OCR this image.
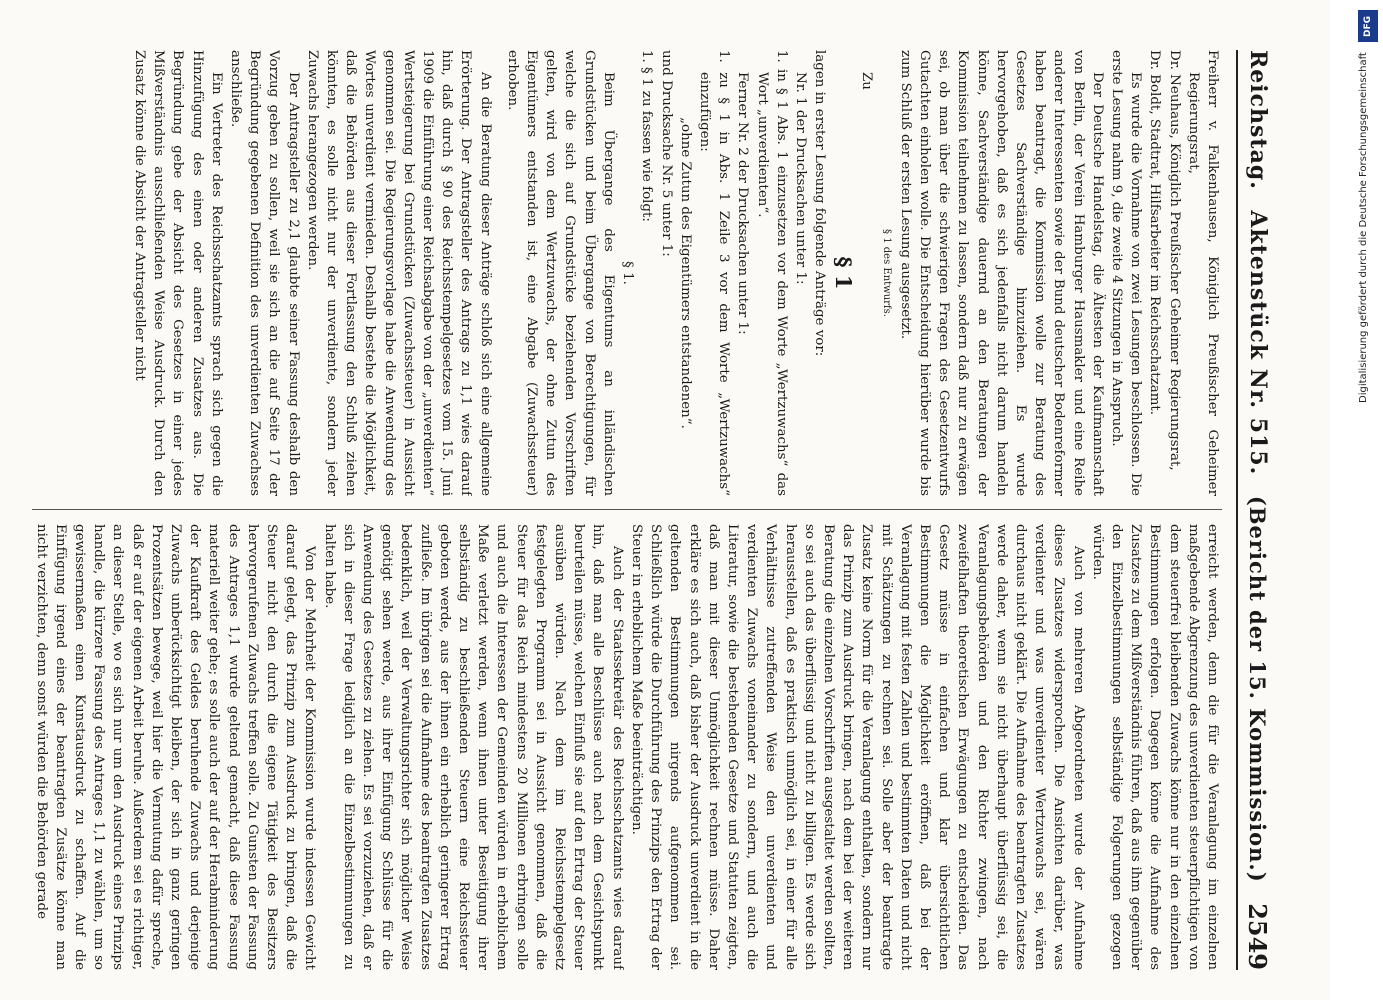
Reichstag.
Aktenstück Nr. 515.
(Bericht der 15. Kommission.)
2549

Freiherr v. Falkenhausen, Königlich Preußischer Geheimer Regierungsrat,

Dr. Neuhaus, Königlich Preußischer Geheimer Regierungsrat,

Dr. Boldt, Stadtrat, Hilfsarbeiter im Reichsschatzamt.

Es wurde die Vornahme von zwei Lesungen beschlossen. Die erste Lesung nahm 9, die zweite 4 Sitzungen in Anspruch.

Der Deutsche Handelstag, die Ältesten der Kaufmannschaft von Berlin, der Verein Hamburger Hausmakler und eine Reihe anderer Interessenten sowie der Bund deutscher Bodenreformer haben beantragt, die Kommission wolle zur Beratung des Gesetzes Sachverständige hinzuziehen. Es wurde hervorgehoben, daß es sich jedenfalls nicht darum handeln könne, Sachverständige dauernd an den Beratungen der Kommission teilnehmen zu lassen, sondern daß nur zu erwägen sei, ob man über die schwierigen Fragen des Gesetzentwurfs Gutachten einholen wolle. Die Entscheidung hierüber wurde bis zum Schluß der ersten Lesung ausgesetzt.

§ 1 des Entwurfs.

Zu

§ 1

lagen in erster Lesung folgende Anträge vor:

Nr. 1 der Drucksachen unter 1:

1. in § 1 Abs. 1 einzusetzen vor dem Worte „Wertzuwachs“ das Wort „unverdienten“.

Ferner Nr. 2 der Drucksachen unter 1:

1. zu § 1 in Abs. 1 Zeile 3 vor dem Worte „Wertzuwachs“ einzufügen:

„ohne Zutun des Eigentümers entstandenen“.

und Drucksache Nr. 5 unter 1:

1. § 1 zu fassen wie folgt:

§ 1.

Beim Übergange des Eigentums an inländischen Grundstücken und beim Übergange von Berechtigungen, für welche die sich auf Grundstücke beziehenden Vorschriften gelten, wird von dem Wertzuwachs, der ohne Zutun des Eigentümers entstanden ist, eine Abgabe (Zuwachssteuer) erhoben.

An die Beratung dieser Anträge schloß sich eine allgemeine Erörterung. Der Antragsteller des Antrags zu 1,1 wies darauf hin, daß durch § 90 des Reichsstempelgesetzes vom 15. Juni 1909 die Einführung einer Reichsabgabe von der „unverdienten“ Wertsteigerung bei Grundstücken (Zuwachssteuer) in Aussicht genommen sei. Die Regierungsvorlage habe die Anwendung des Wortes unverdient vermieden. Deshalb bestehe die Möglichkeit, daß die Behörden aus dieser Fortlassung den Schluß ziehen könnten, es solle nicht nur der unverdiente, sondern jeder Zuwachs herangezogen werden.

Der Antragsteller zu 2,1 glaubte seiner Fassung deshalb den Vorzug geben zu sollen, weil sie sich an die auf Seite 17 der Begründung gegebenen Definition des unverdienten Zuwachses anschließe.

Ein Vertreter des Reichsschatzamts sprach sich gegen die Hinzufügung des einen oder anderen Zusatzes aus. Die Begründung gebe der Absicht des Gesetzes in einer jedes Mißverständnis ausschließenden Weise Ausdruck. Durch den Zusatz könne die Absicht der Antragsteller nicht

erreicht werden, denn die für die Veranlagung im einzelnen maßgebende Abgrenzung des unverdienten steuerpflichtigen von dem steuerfrei bleibenden Zuwachs könne nur in den einzelnen Bestimmungen erfolgen. Dagegen könne die Aufnahme des Zusatzes zu dem Mißverständnis führen, daß aus ihm gegenüber den Einzelbestimmungen selbständige Folgerungen gezogen würden.

Auch von mehreren Abgeordneten wurde der Aufnahme dieses Zusatzes widersprochen. Die Ansichten darüber, was verdienter und was unverdienter Wertzuwachs sei, wären durchaus nicht geklärt. Die Aufnahme des beantragten Zusatzes werde daher, wenn sie nicht überhaupt überflüssig sei, die Veranlagungsbehörden und den Richter zwingen, nach zweifelhaften theoretischen Erwägungen zu entscheiden. Das Gesetz müsse in einfachen und klar übersichtlichen Bestimmungen die Möglichkeit eröffnen, daß bei der Veranlagung mit festen Zahlen und bestimmten Daten und nicht mit Schätzungen zu rechnen sei. Solle aber der beantragte Zusatz keine Norm für die Veranlagung enthalten, sondern nur das Prinzip zum Ausdruck bringen, nach dem bei der weiteren Beratung die einzelnen Vorschriften ausgestaltet werden sollten, so sei auch das überflüssig und nicht zu billigen. Es werde sich herausstellen, daß es praktisch unmöglich sei, in einer für alle Verhältnisse zutreffenden Weise den unverdienten und verdienten Zuwachs voneinander zu sondern, und auch die Literatur, sowie die bestehenden Gesetze und Statuten zeigten, daß man mit dieser Unmöglichkeit rechnen müsse. Daher erkläre es sich auch, daß bisher der Ausdruck unverdient in die geltenden Bestimmungen nirgends aufgenommen sei. Schließlich würde die Durchführung des Prinzips den Ertrag der Steuer in erheblichem Maße beeinträchtigen.

Auch der Staatssekretär des Reichsschatzamts wies darauf hin, daß man alle Beschlüsse auch nach dem Gesichtspunkt beurteilen müsse, welchen Einfluß sie auf den Ertrag der Steuer ausüben würden. Nach dem im Reichsstempelgesetz festgelegten Programm sei in Aussicht genommen, daß die Steuer für das Reich mindestens 20 Millionen erbringen solle und auch die Interessen der Gemeinden würden in erheblichem Maße verletzt werden, wenn ihnen unter Beseitigung ihrer selbständig zu beschließenden Steuern eine Reichssteuer geboten werde, aus der ihnen ein erheblich geringerer Ertrag zufließe. Im übrigen sei die Aufnahme des beantragten Zusatzes bedenklich, weil der Verwaltungsrichter sich möglicher Weise genötigt sehen werde, aus ihrer Einfügung Schlüsse für die Anwendung des Gesetzes zu ziehen. Es sei vorzuziehen, daß er sich in dieser Frage lediglich an die Einzelbestimmungen zu halten habe.

Von der Mehrheit der Kommission wurde indessen Gewicht darauf gelegt, das Prinzip zum Ausdruck zu bringen, daß die Steuer nicht den durch die eigene Tätigkeit des Besitzers hervorgerufenen Zuwachs treffen solle. Zu Gunsten der Fassung des Antrages 1,1 wurde geltend gemacht, daß diese Fassung materiell weiter gehe; es solle auch der auf der Herabminderung der Kaufkraft des Geldes beruhende Zuwachs und derjenige Zuwachs unberücksichtigt bleiben, der sich in ganz geringen Prozentsätzen bewege, weil hier die Vermutung dafür spreche, daß er auf der eigenen Arbeit beruhe. Außerdem sei es richtiger, an dieser Stelle, wo es sich nur um den Ausdruck eines Prinzips handle, die kürzere Fassung des Antrages 1,1 zu wählen, um so gewissermaßen einen Kunstausdruck zu schaffen. Auf die Einfügung irgend eines der beantragten Zusätze könne man nicht verzichten, denn sonst würden die Behörden gerade

DFG
Digitalisierung gefördert durch die Deutsche Forschungsgemeinschaft
